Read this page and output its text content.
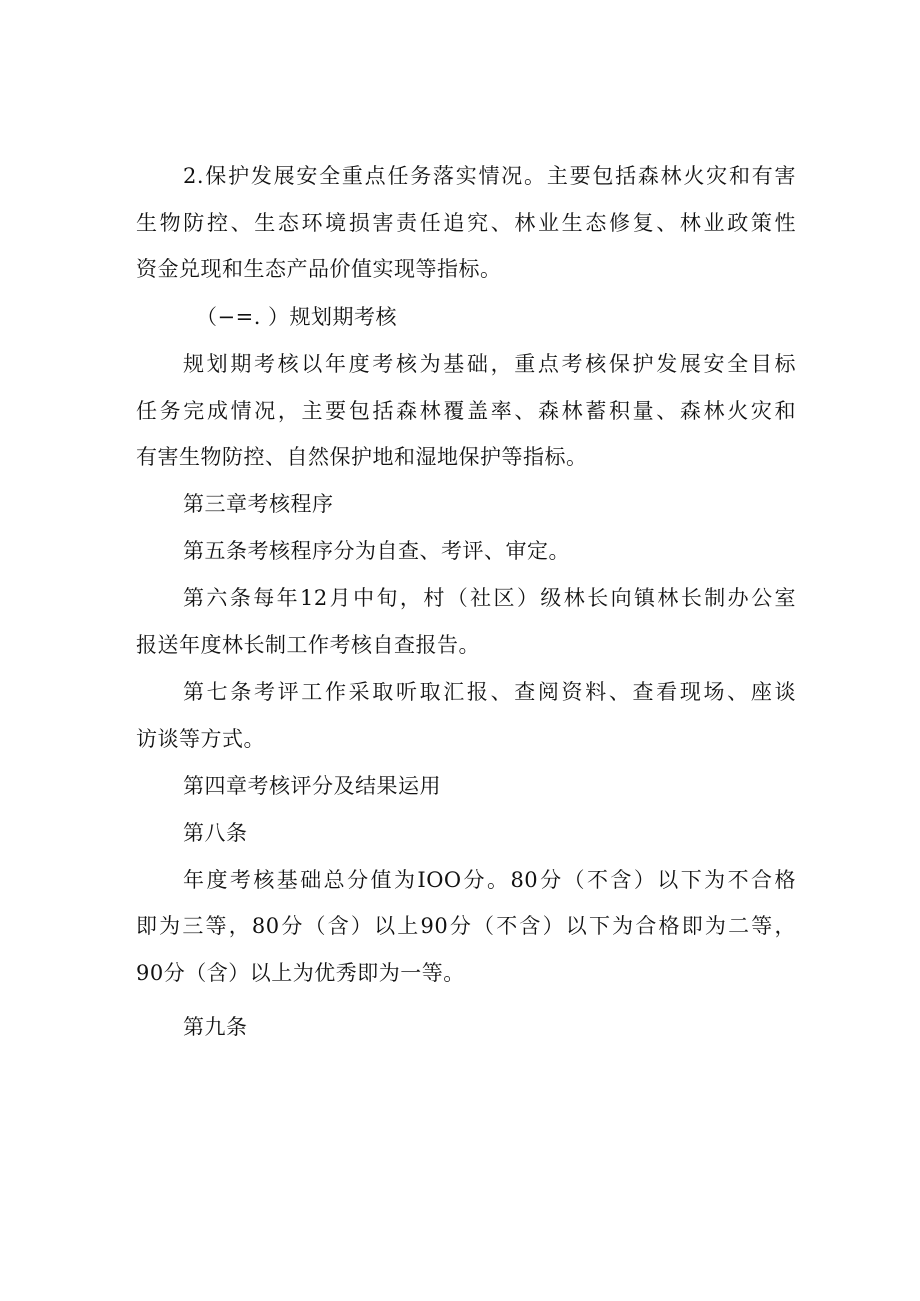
2.保护发展安全重点任务落实情况。主要包括森林火灾和有害
生物防控、生态环境损害责任追究、林业生态修复、林业政策性
资金兑现和生态产品价值实现等指标。
（−=. ）规划期考核
规划期考核以年度考核为基础，重点考核保护发展安全目标
任务完成情况，主要包括森林覆盖率、森林蓄积量、森林火灾和
有害生物防控、自然保护地和湿地保护等指标。
第三章考核程序
第五条考核程序分为自查、考评、审定。
第六条每年12月中旬，村（社区）级林长向镇林长制办公室
报送年度林长制工作考核自查报告。
第七条考评工作采取听取汇报、查阅资料、查看现场、座谈
访谈等方式。
第四章考核评分及结果运用
第八条
年度考核基础总分值为IOO分。80分（不含）以下为不合格
即为三等，80分（含）以上90分（不含）以下为合格即为二等，
90分（含）以上为优秀即为一等。
第九条
